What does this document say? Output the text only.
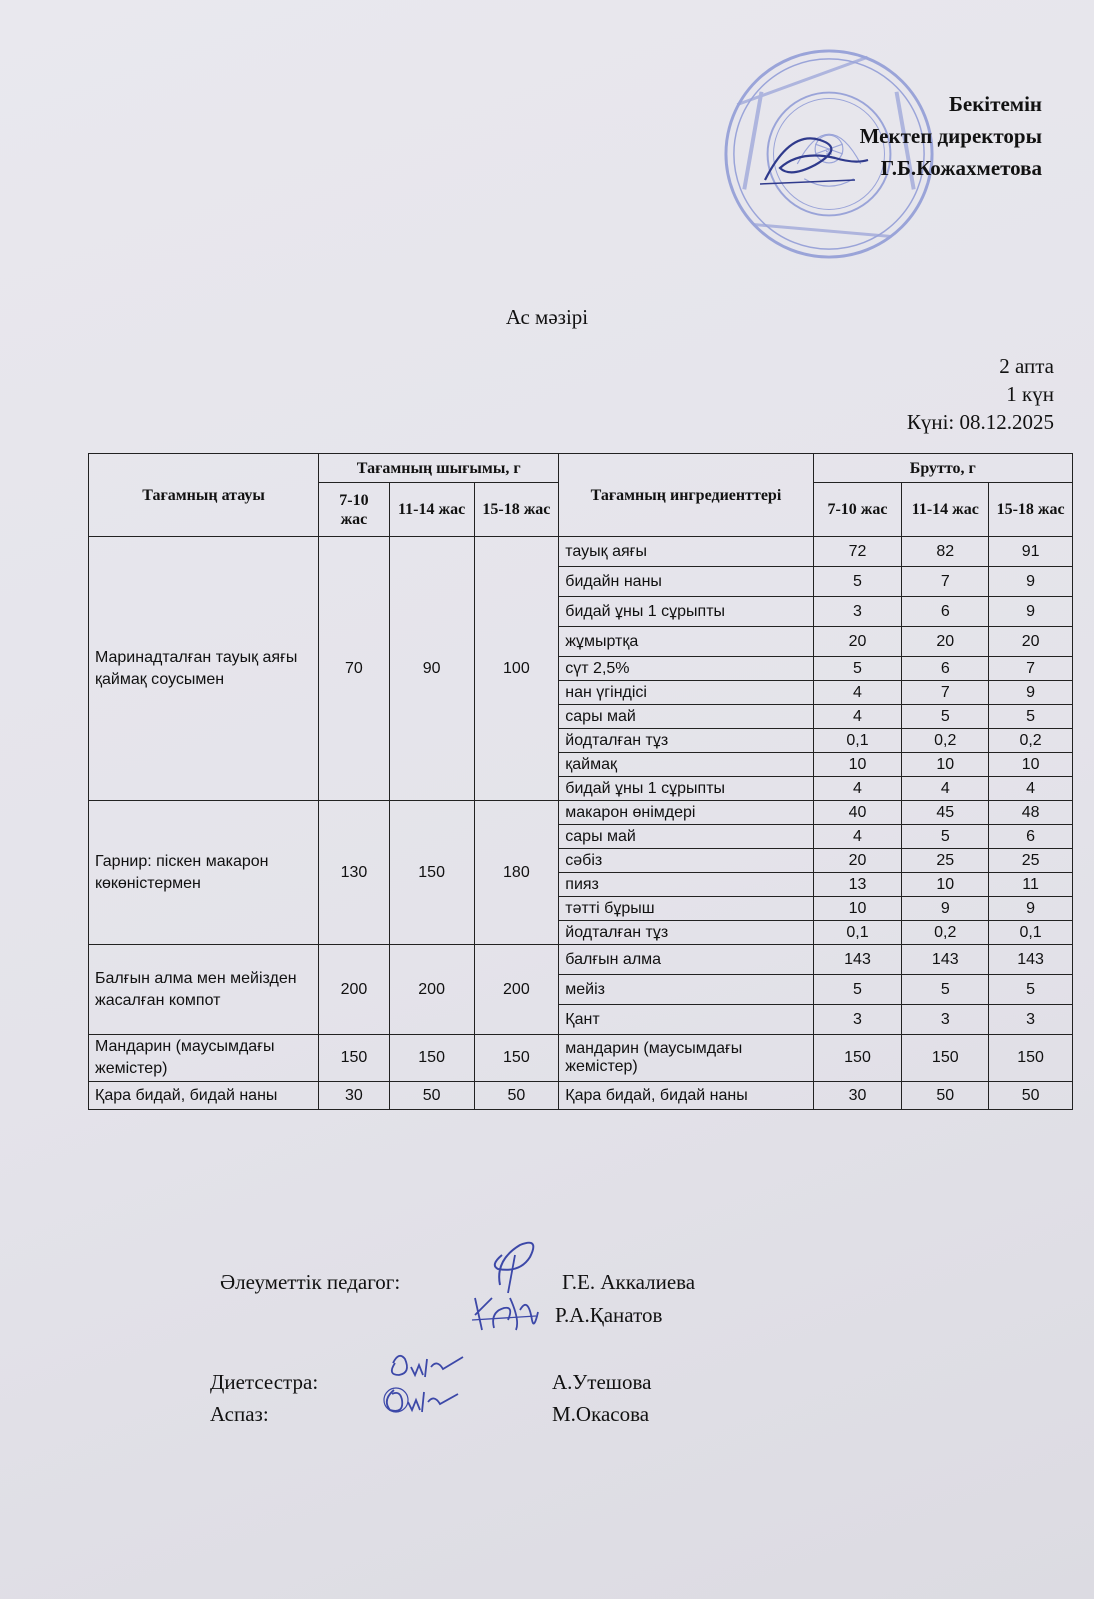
✻
Бекітемін
Мектеп директоры
Г.Б.Кожахметова
Ас мәзірі
2 апта
1 күн
Күні: 08.12.2025
Тағамның атауы	Тағамның шығымы, г			Тағамның ингредиенттері	Брутто, г		
	7-10 жас	11-14 жас	15-18 жас		7-10 жас	11-14 жас	15-18 жас
Маринадталған тауық аяғы қаймақ соусымен	70	90	100	тауық аяғы	72	82	91
				бидайн наны	5	7	9
				бидай ұны 1 сұрыпты	3	6	9
				жұмыртқа	20	20	20
				сүт 2,5%	5	6	7
				нан үгіндісі	4	7	9
				сары май	4	5	5
				йодталған тұз	0,1	0,2	0,2
				қаймақ	10	10	10
				бидай ұны 1 сұрыпты	4	4	4
Гарнир: піскен макарон көкөністермен	130	150	180	макарон өнімдері	40	45	48
				сары май	4	5	6
				сәбіз	20	25	25
				пияз	13	10	11
				тәтті бұрыш	10	9	9
				йодталған тұз	0,1	0,2	0,1
Балғын алма мен мейізден жасалған компот	200	200	200	балғын алма	143	143	143
				мейіз	5	5	5
				Қант	3	3	3
Мандарин (маусымдағы жемістер)	150	150	150	мандарин (маусымдағы жемістер)	150	150	150
Қара бидай, бидай наны	30	50	50	Қара бидай, бидай наны	30	50	50
Әлеуметтік педагог:	Г.Е. Аккалиева
Р.А.Қанатов
Диетсестра:	А.Утешова
Аспаз:	М.Окасова
